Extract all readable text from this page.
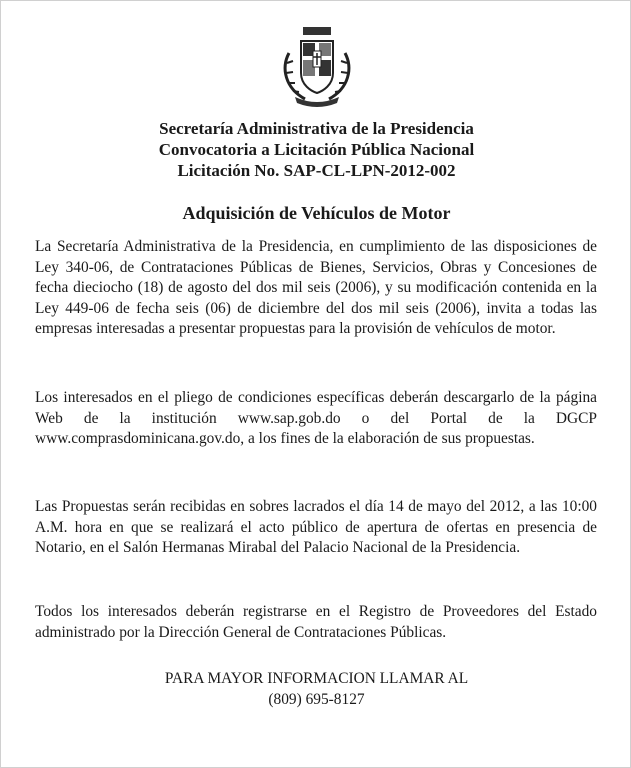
Secretaría Administrativa de la Presidencia
Convocatoria a Licitación Pública Nacional
Licitación No. SAP-CL-LPN-2012-002
Adquisición de Vehículos de Motor
La Secretaría Administrativa de la Presidencia, en cumplimiento de las disposiciones de Ley 340-06, de Contrataciones Públicas de Bienes, Servicios, Obras y Concesiones de fecha dieciocho (18) de agosto del dos mil seis (2006), y su modificación contenida en la Ley 449-06 de fecha seis (06) de diciembre del dos mil seis (2006), invita a todas las empresas interesadas a presentar propuestas para la provisión de vehículos de motor.
Los interesados en el pliego de condiciones específicas deberán descargarlo de la página Web de la institución www.sap.gob.do o del Portal de la DGCP www.comprasdominicana.gov.do, a los fines de la elaboración de sus propuestas.
Las Propuestas serán recibidas en sobres lacrados el día 14 de mayo del 2012, a las 10:00 A.M. hora en que se realizará el acto público de apertura de ofertas en presencia de Notario, en el Salón Hermanas Mirabal del Palacio Nacional de la Presidencia.
Todos los interesados deberán registrarse en el Registro de Proveedores del Estado administrado por la Dirección General de Contrataciones Públicas.
PARA MAYOR INFORMACION LLAMAR AL
(809) 695-8127
